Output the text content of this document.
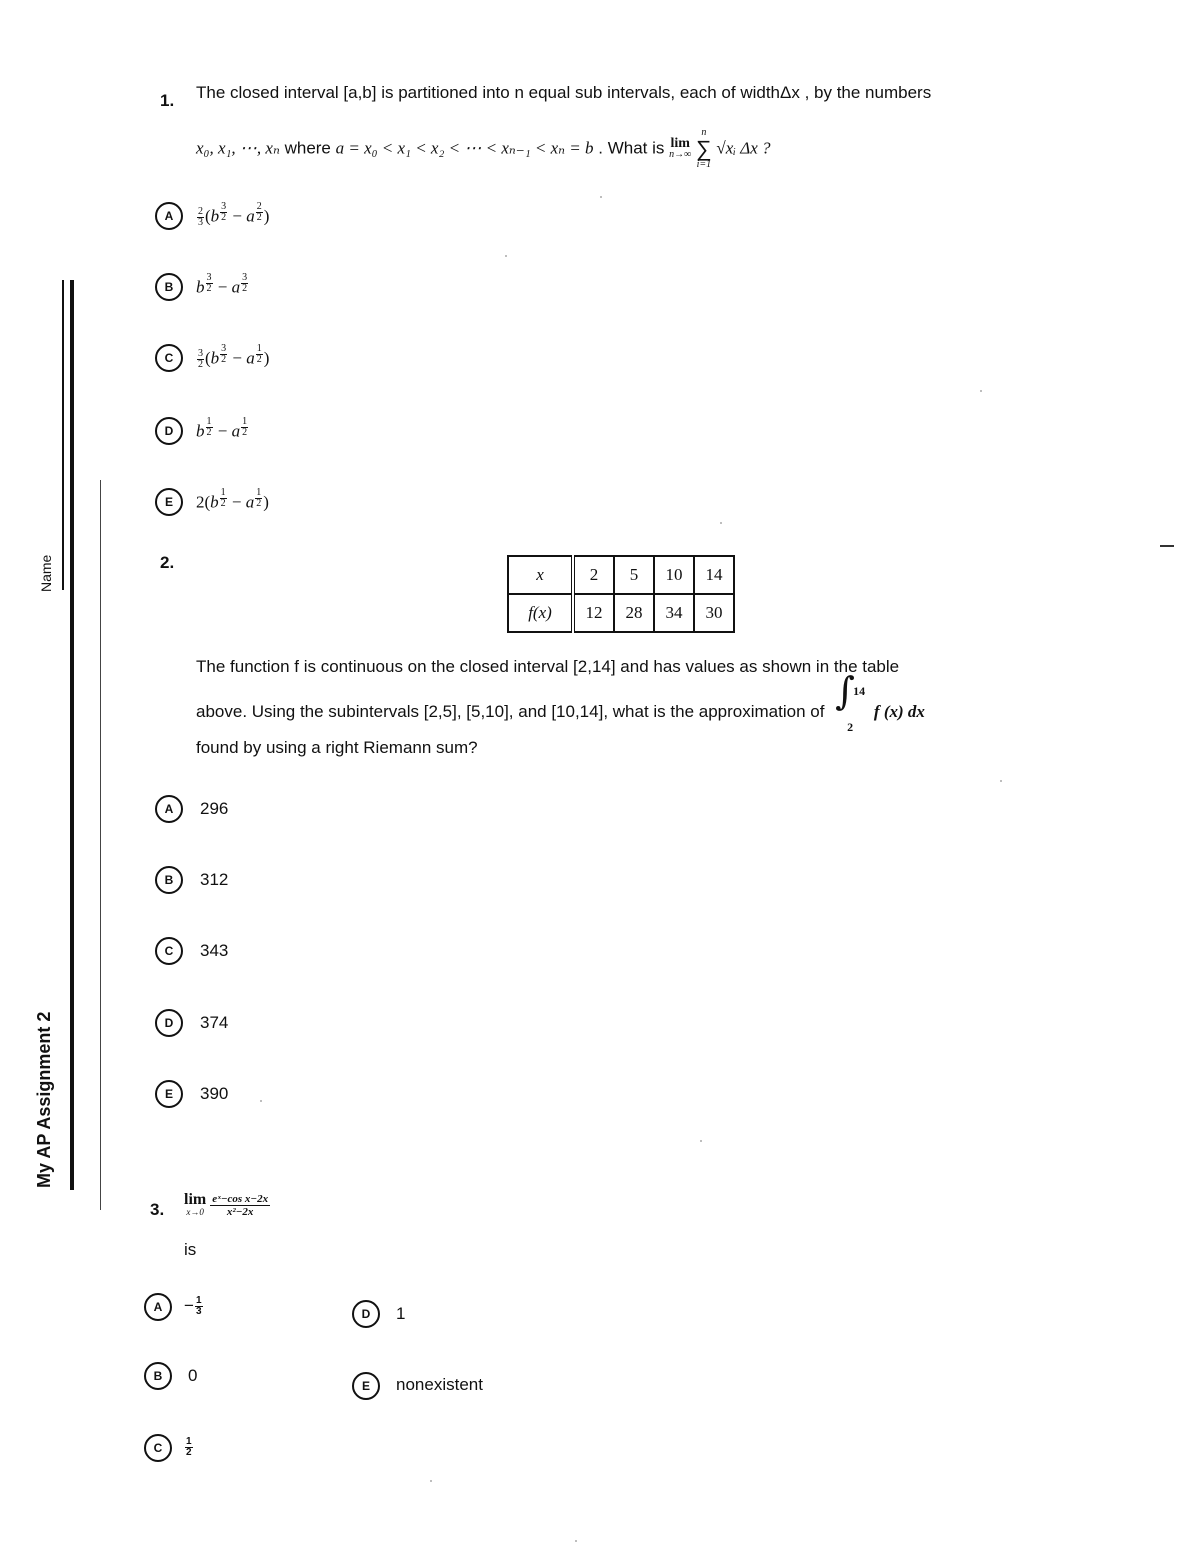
Name
My AP Assignment 2
1. The closed interval [a,b] is partitioned into n equal sub intervals, each of widthΔx , by the numbers
x₀, x₁, ⋯, xₙ where a = x₀ < x₁ < x₂ < ⋯ < xₙ₋₁ < xₙ = b . What is lim
n→∞

n
∑
i=1
√xᵢ Δx ?
A	$\frac{2}{3} (b$ $^{\frac{3}{2}}$ − a $^{\frac{2}{2}}$ )
B	b $^{\frac{3}{2}}$ − a $^{\frac{3}{2}}$
C	$\frac{3}{2} (b$ $^{\frac{3}{2}}$ − a $^{\frac{1}{2}}$ )
D	b $^{\frac{1}{2}}$ − a $^{\frac{1}{2}}$
E	2(b $^{\frac{1}{2}}$ − a $^{\frac{1}{2}}$ )
2.
x	2	5	10	14
f(x)	12	28	34	30
The function f is continuous on the closed interval [2,14] and has values as shown in the table
above. Using the subintervals [2,5], [5,10], and [10,14], what is the approximation of ∫
14
2
f (x) dx
found by using a right Riemann sum?
A	296
B	312
C	343
D	374
E	390
3.
lim
$x\to 0 \frac{\text{eˣ−cos x−2x}}{\text{x²−2x}}$
is
A	− $\frac{1}{3}$
B	0
C	$\frac{1}{2}$
D	1
E	nonexistent
